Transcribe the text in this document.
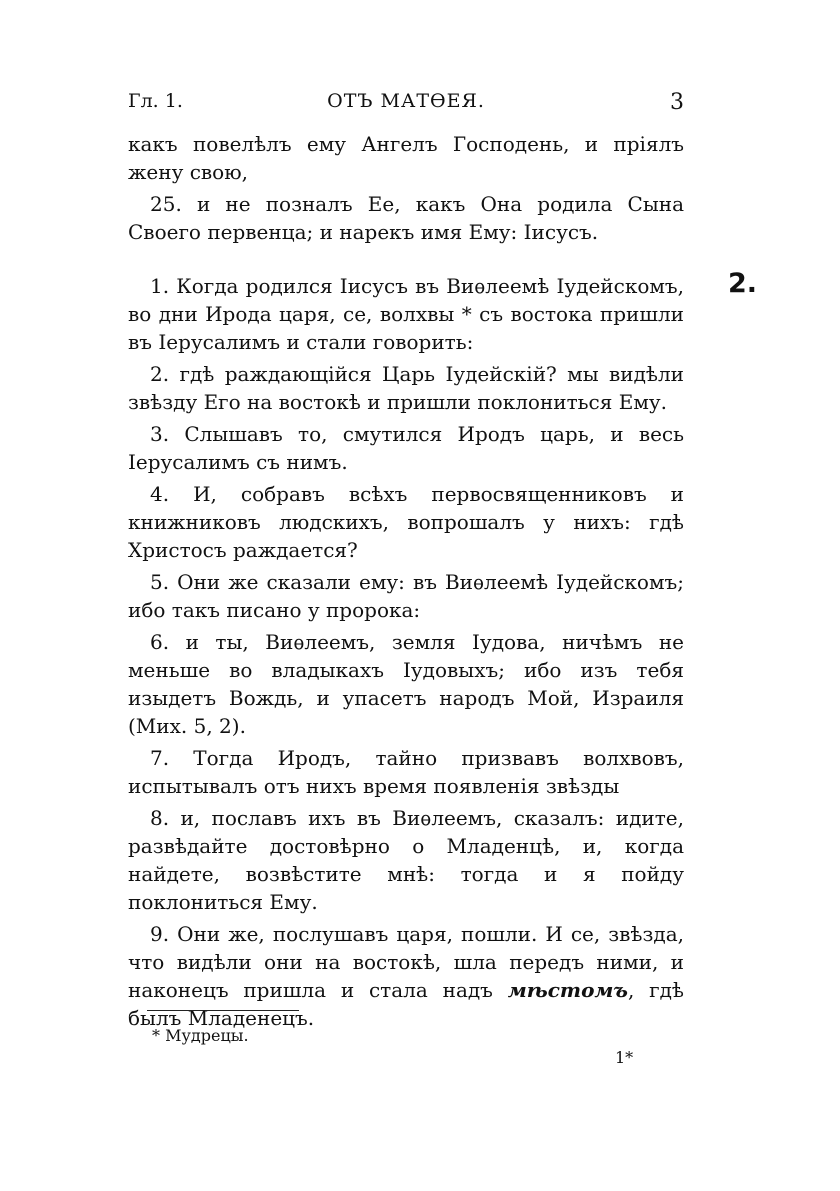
Гл. 1.	ОТЪ МАТѲЕЯ.	3
2.

какъ повелѣлъ ему Ангелъ Господень, и прiялъ жену свою,

25. и не позналъ Ее, какъ Она родила Сына Своего первенца; и нарекъ имя Ему: Iисусъ.

1. Когда родился Iисусъ въ Виѳлеемѣ Iудейскомъ, во дни Ирода царя, се, волхвы * съ востока пришли въ Iерусалимъ и стали говорить:

2. гдѣ раждающiйся Царь Iудейскiй? мы видѣли звѣзду Его на востокѣ и пришли поклониться Ему.

3. Слышавъ то, смутился Иродъ царь, и весь Iерусалимъ съ нимъ.

4. И, собравъ всѣхъ первосвященниковъ и книжниковъ людскихъ, вопрошалъ у нихъ: гдѣ Христосъ раждается?

5. Они же сказали ему: въ Виѳлеемѣ Iудейскомъ; ибо такъ писано у пророка:

6. и ты, Виѳлеемъ, земля Iудова, ничѣмъ не меньше во владыкахъ Iудовыхъ; ибо изъ тебя изыдетъ Вождь, и упасетъ народъ Мой, Израиля (Мих. 5, 2).

7. Тогда Иродъ, тайно призвавъ волхвовъ, испытывалъ отъ нихъ время появленiя звѣзды

8. и, пославъ ихъ въ Виѳлеемъ, сказалъ: идите, развѣдайте достовѣрно о Младенцѣ, и, когда найдете, возвѣстите мнѣ: тогда и я пойду поклониться Ему.

9. Они же, послушавъ царя, пошли. И се, звѣзда, что видѣли они на востокѣ, шла передъ ними, и наконецъ пришла и стала надъ мѣстомъ, гдѣ былъ Младенецъ.

* Мудрецы.
1*
